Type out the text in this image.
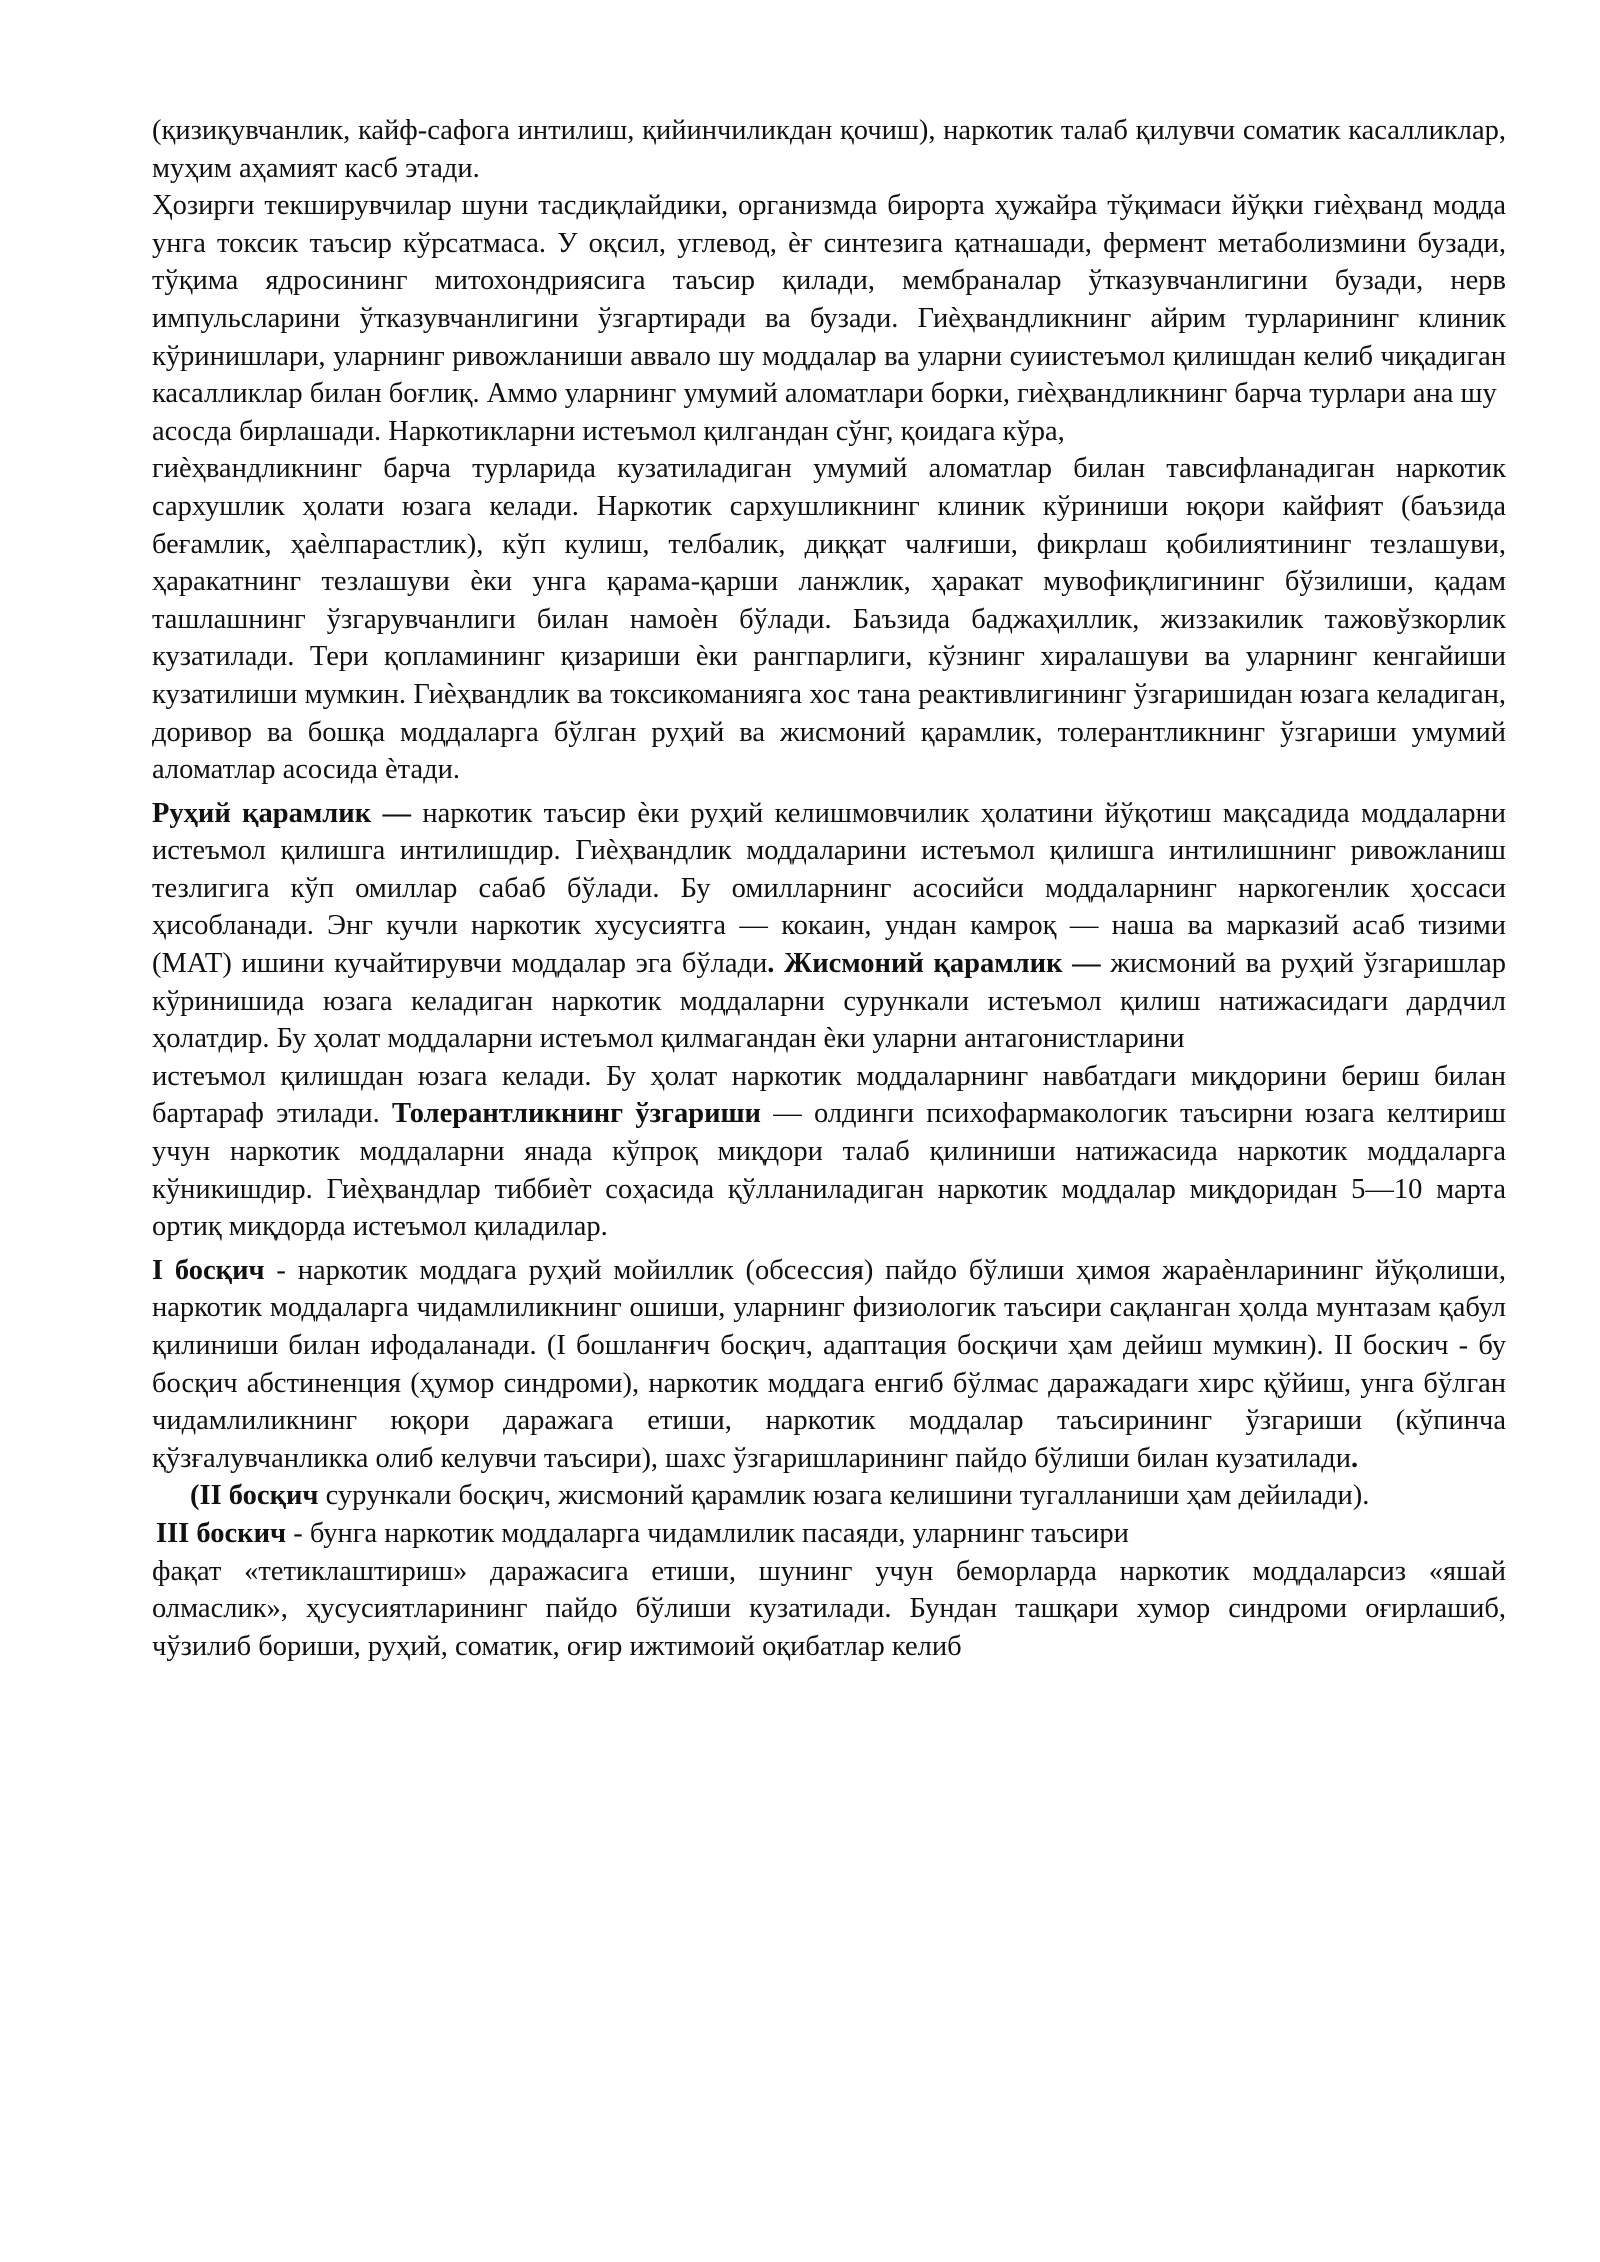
(қизиқувчанлик, кайф-сафога интилиш, қийинчиликдан қочиш), наркотик талаб қилувчи соматик касалликлар, муҳим аҳамият касб этади.

Ҳозирги текширувчилар шуни тасдиқлайдики, организмда бирорта ҳужайра тўқимаси йўқки гиѐҳванд модда унга токсик таъсир кўрсатмаса. У оқсил, углевод, ѐғ синтезига қатнашади, фермент метаболизмини бузади, тўқима ядросининг митохондриясига таъсир қилади, мембраналар ўтказувчанлигини бузади, нерв импульсларини ўтказувчанлигини ўзгартиради ва бузади. Гиѐҳвандликнинг айрим турларининг клиник кўринишлари, уларнинг ривожланиши аввало шу моддалар ва уларни суиистеъмол қилишдан келиб чиқадиган касалликлар билан боғлиқ. Аммо уларнинг умумий аломатлари борки, гиѐҳвандликнинг барча турлари ана шу

асосда бирлашади. Наркотикларни истеъмол қилгандан сўнг, қоидага кўра,

гиѐҳвандликнинг барча турларида кузатиладиган умумий аломатлар билан тавсифланадиган наркотик сархушлик ҳолати юзага келади. Наркотик сархушликнинг клиник кўриниши юқори кайфият (баъзида беғамлик, ҳаѐлпарастлик), кўп кулиш, телбалик, диққат чалғиши, фикрлаш қобилиятининг тезлашуви, ҳаракатнинг тезлашуви ѐки унга қарама-қарши ланжлик, ҳаракат мувофиқлигининг бўзилиши, қадам ташлашнинг ўзгарувчанлиги билан намоѐн бўлади. Баъзида баджаҳиллик, жиззакилик тажовўзкорлик кузатилади. Тери қопламининг қизариши ѐки рангпарлиги, кўзнинг хиралашуви ва уларнинг кенгайиши кузатилиши мумкин. Гиѐҳвандлик ва токсикоманияга хос тана реактивлигининг ўзгаришидан юзага келадиган, доривор ва бошқа моддаларга бўлган руҳий ва жисмоний қарамлик, толерантликнинг ўзгариши умумий аломатлар асосида ѐтади.

Руҳий қарамлик — наркотик таъсир ѐки руҳий келишмовчилик ҳолатини йўқотиш мақсадида моддаларни истеъмол қилишга интилишдир. Гиѐҳвандлик моддаларини истеъмол қилишга интилишнинг ривожланиш тезлигига кўп омиллар сабаб бўлади. Бу омилларнинг асосийси моддаларнинг наркогенлик ҳоссаси ҳисобланади. Энг кучли наркотик хусусиятга — кокаин, ундан камроқ — наша ва марказий асаб тизими (МАТ) ишини кучайтирувчи моддалар эга бўлади. Жисмоний қарамлик — жисмоний ва руҳий ўзгаришлар кўринишида юзага келадиган наркотик моддаларни сурункали истеъмол қилиш натижасидаги дардчил ҳолатдир. Бу ҳолат моддаларни истеъмол қилмагандан ѐки уларни антагонистларини

истеъмол қилишдан юзага келади. Бу ҳолат наркотик моддаларнинг навбатдаги миқдорини бериш билан бартараф этилади. Толерантликнинг ўзгариши — олдинги психофармакологик таъсирни юзага келтириш учун наркотик моддаларни янада кўпроқ миқдори талаб қилиниши натижасида наркотик моддаларга кўникишдир. Гиѐҳвандлар тиббиѐт соҳасида қўлланиладиган наркотик моддалар миқдоридан 5—10 марта ортиқ миқдорда истеъмол қиладилар.

I босқич - наркотик моддага руҳий мойиллик (обсессия) пайдо бўлиши ҳимоя жараѐнларининг йўқолиши, наркотик моддаларга чидамлиликнинг ошиши, уларнинг физиологик таъсири сақланган ҳолда мунтазам қабул қилиниши билан ифодаланади. (I бошланғич босқич, адаптация босқичи ҳам дейиш мумкин). II боскич - бу босқич абстиненция (ҳумор синдроми), наркотик моддага енгиб бўлмас даражадаги хирс қўйиш, унга бўлган чидамлиликнинг юқори даражага етиши, наркотик моддалар таъсирининг ўзгариши (кўпинча қўзғалувчанликка олиб келувчи таъсири), шахс ўзгаришларининг пайдо бўлиши билан кузатилади.

(II босқич сурункали босқич, жисмоний қарамлик юзага келишини тугалланиши ҳам дейилади).

III боскич - бунга наркотик моддаларга чидамлилик пасаяди, уларнинг таъсири

фақат «тетиклаштириш» даражасига етиши, шунинг учун беморларда наркотик моддаларсиз «яшай олмаслик», ҳусусиятларининг пайдо бўлиши кузатилади. Бундан ташқари хумор синдроми оғирлашиб, чўзилиб бориши, руҳий, соматик, оғир ижтимоий оқибатлар келиб
